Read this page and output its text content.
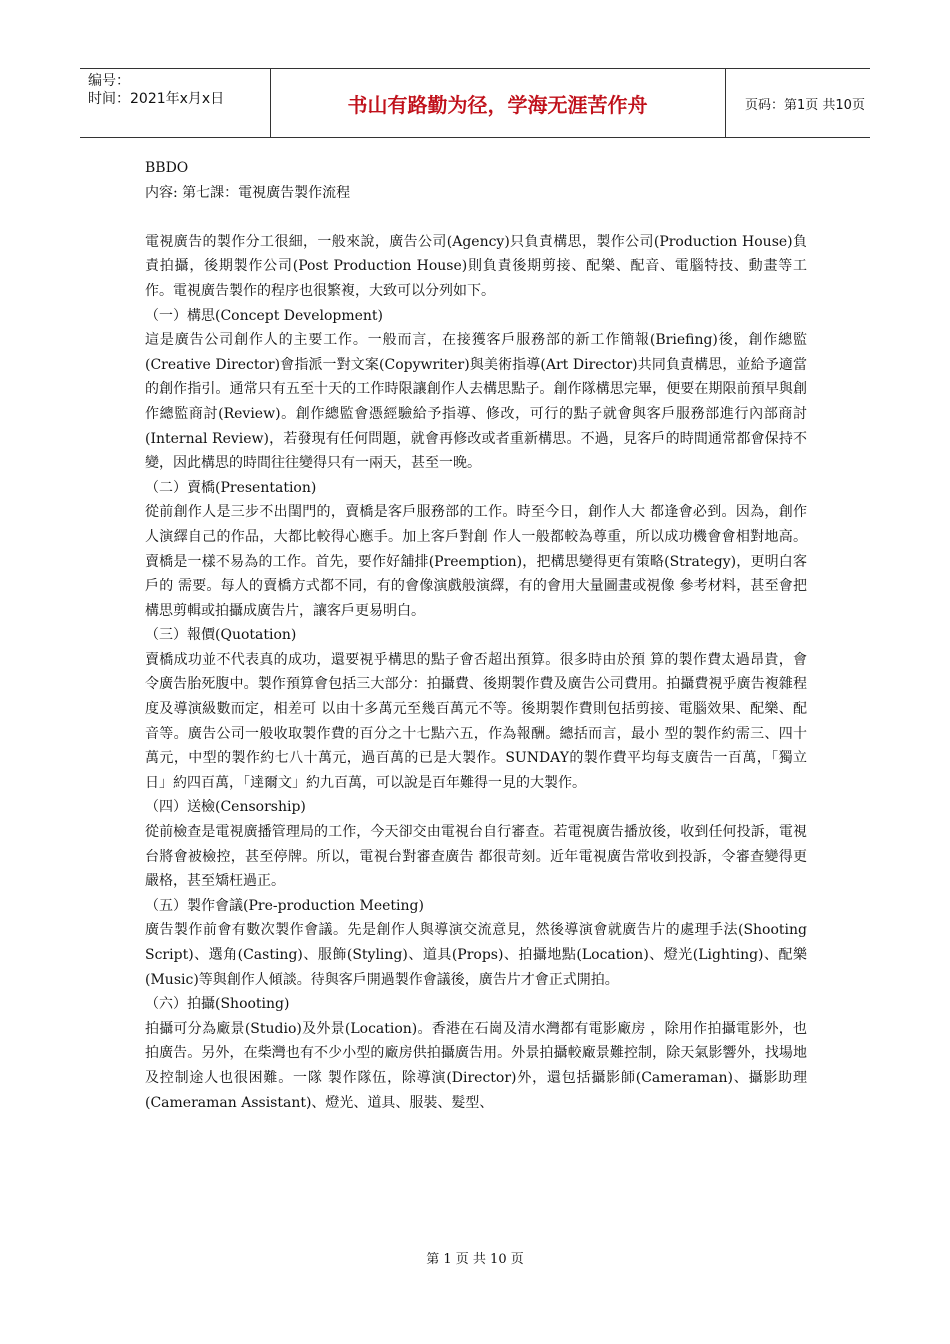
编号：
时间：2021年x月x日	书山有路勤为径，学海无涯苦作舟	页码：第1页 共10页
BBDO
内容: 第七課：電視廣告製作流程

電視廣告的製作分工很細，一般來說，廣告公司(Agency)只負責構思，製作公司(Production House)負責拍攝，後期製作公司(Post Production House)則負責後期剪接、配樂、配音、電腦特技、動畫等工作。電視廣告製作的程序也很繁複，大致可以分列如下。

（一）構思(Concept Development)

這是廣告公司創作人的主要工作。一般而言，在接獲客戶服務部的新工作簡報(Briefing)後，創作總監(Creative Director)會指派一對文案(Copywriter)與美術指導(Art Director)共同負責構思，並給予適當的創作指引。通常只有五至十天的工作時限讓創作人去構思點子。創作隊構思完畢，便要在期限前預早與創作總監商討(Review)。創作總監會憑經驗給予指導、修改，可行的點子就會與客戶服務部進行內部商討(Internal Review)，若發現有任何問題，就會再修改或者重新構思。不過，見客戶的時間通常都會保持不變，因此構思的時間往往變得只有一兩天，甚至一晚。

（二）賣橋(Presentation)

從前創作人是三步不出閨門的，賣橋是客戶服務部的工作。時至今日，創作人大 都逢會必到。因為，創作人演繹自己的作品，大都比較得心應手。加上客戶對創 作人一般都較為尊重，所以成功機會會相對地高。賣橋是一樣不易為的工作。首先，要作好舖排(Preemption)，把構思變得更有策略(Strategy)，更明白客戶的 需要。每人的賣橋方式都不同，有的會像演戲般演繹，有的會用大量圖畫或視像 參考材料，甚至會把構思剪輯或拍攝成廣告片，讓客戶更易明白。

（三）報價(Quotation)

賣橋成功並不代表真的成功，還要視乎構思的點子會否超出預算。很多時由於預 算的製作費太過昂貴，會令廣告胎死腹中。製作預算會包括三大部分：拍攝費、後期製作費及廣告公司費用。拍攝費視乎廣告複雜程度及導演級數而定，相差可 以由十多萬元至幾百萬元不等。後期製作費則包括剪接、電腦效果、配樂、配音等。廣告公司一般收取製作費的百分之十七點六五，作為報酬。總括而言，最小 型的製作約需三、四十萬元，中型的製作約七八十萬元，過百萬的已是大製作。SUNDAY的製作費平均每支廣告一百萬，「獨立日」約四百萬，「達爾文」約九百萬，可以說是百年難得一見的大製作。

（四）送檢(Censorship)

從前檢查是電視廣播管理局的工作，今天卻交由電視台自行審查。若電視廣告播放後，收到任何投訴，電視台將會被檢控，甚至停牌。所以，電視台對審查廣告 都很苛刻。近年電視廣告常收到投訴，令審查變得更嚴格，甚至矯枉過正。

（五）製作會議(Pre-production Meeting)

廣告製作前會有數次製作會議。先是創作人與導演交流意見，然後導演會就廣告片的處理手法(Shooting Script)、選角(Casting)、服飾(Styling)、道具(Props)、拍攝地點(Location)、燈光(Lighting)、配樂(Music)等與創作人傾談。待與客戶開過製作會議後，廣告片才會正式開拍。

（六）拍攝(Shooting)

拍攝可分為廠景(Studio)及外景(Location)。香港在石崗及清水灣都有電影廠房 ，除用作拍攝電影外，也拍廣告。另外，在柴灣也有不少小型的廠房供拍攝廣告用。外景拍攝較廠景難控制，除天氣影響外，找場地及控制途人也很困難。一隊 製作隊伍，除導演(Director)外，還包括攝影師(Cameraman)、攝影助理(Cameraman Assistant)、燈光、道具、服裝、髮型、

第 1 页 共 10 页
